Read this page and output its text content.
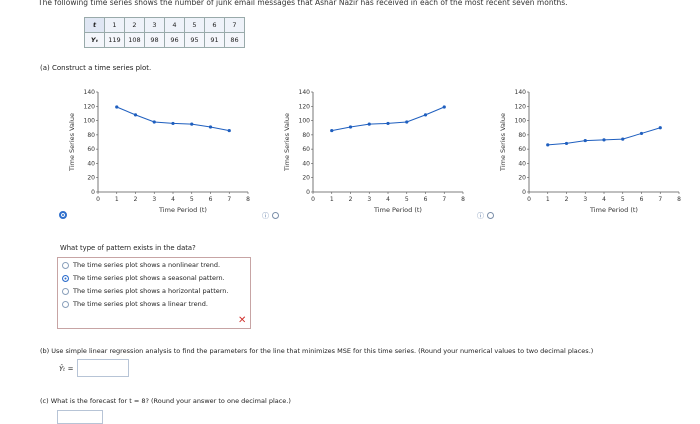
The following time series shows the number of junk email messages that Ashar Nazir has received in each of the most recent seven months.
t	1	2	3	4	5	6	7
Yₜ	119	108	98	96	95	91	86
(a) Construct a time series plot.
Time Series Value
0
20
40
60
80
100
120
140
0 1 2 3 4 5 6 7 8
Time Period (t)
Time Series Value
0
20
40
60
80
100
120
140
0 1 2 3 4 5 6 7 8
Time Period (t)
Time Series Value
0
20
40
60
80
100
120
140
0 1 2 3 4 5 6 7 8
Time Period (t)
ⓘ	ⓘ
What type of pattern exists in the data?
The time series plot shows a nonlinear trend.
The time series plot shows a seasonal pattern.
The time series plot shows a horizontal pattern.
The time series plot shows a linear trend.
✕
(b) Use simple linear regression analysis to find the parameters for the line that minimizes MSE for this time series. (Round your numerical values to two decimal places.)
Ŷₜ =
(c) What is the forecast for t = 8? (Round your answer to one decimal place.)
